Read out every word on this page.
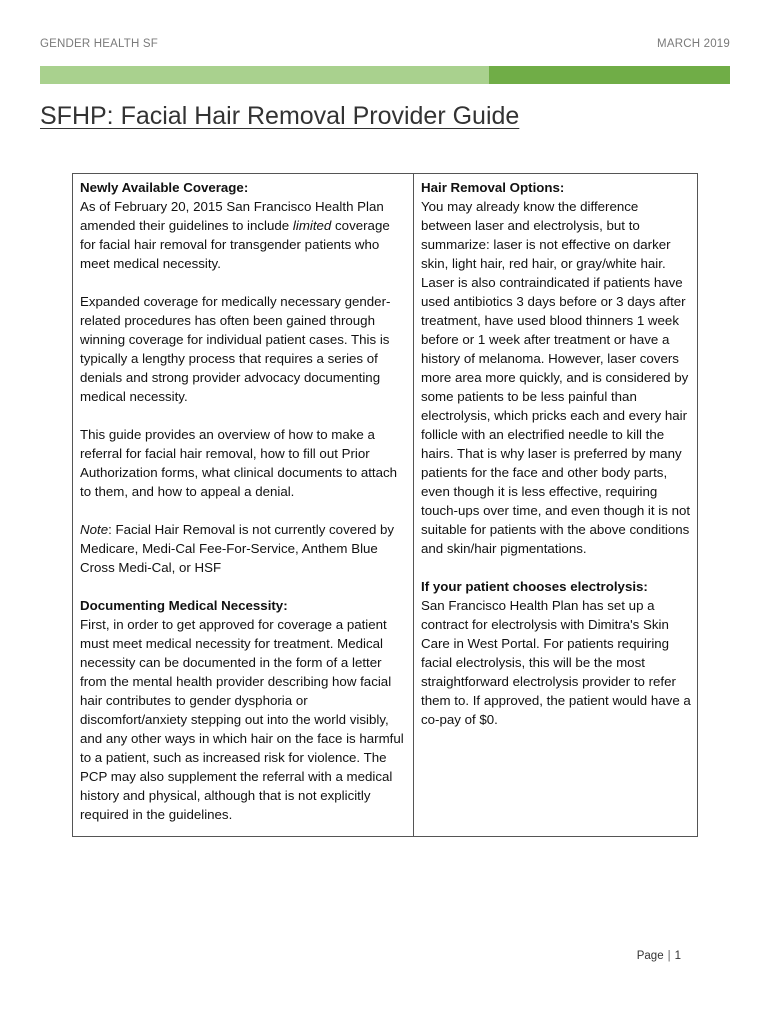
GENDER HEALTH SF	MARCH 2019
SFHP: Facial Hair Removal Provider Guide

Newly Available Coverage:
As of February 20, 2015 San Francisco Health Plan amended their guidelines to include limited coverage for facial hair removal for transgender patients who meet medical necessity.

Expanded coverage for medically necessary gender-related procedures has often been gained through winning coverage for individual patient cases. This is typically a lengthy process that requires a series of denials and strong provider advocacy documenting medical necessity.

This guide provides an overview of how to make a referral for facial hair removal, how to fill out Prior Authorization forms, what clinical documents to attach to them, and how to appeal a denial.

Note: Facial Hair Removal is not currently covered by Medicare, Medi-Cal Fee-For-Service, Anthem Blue Cross Medi-Cal, or HSF

Documenting Medical Necessity:
First, in order to get approved for coverage a patient must meet medical necessity for treatment. Medical necessity can be documented in the form of a letter from the mental health provider describing how facial hair contributes to gender dysphoria or discomfort/anxiety stepping out into the world visibly, and any other ways in which hair on the face is harmful to a patient, such as increased risk for violence. The PCP may also supplement the referral with a medical history and physical, although that is not explicitly required in the guidelines.

Hair Removal Options:
You may already know the difference between laser and electrolysis, but to summarize: laser is not effective on darker skin, light hair, red hair, or gray/white hair. Laser is also contraindicated if patients have used antibiotics 3 days before or 3 days after treatment, have used blood thinners 1 week before or 1 week after treatment or have a history of melanoma. However, laser covers more area more quickly, and is considered by some patients to be less painful than electrolysis, which pricks each and every hair follicle with an electrified needle to kill the hairs. That is why laser is preferred by many patients for the face and other body parts, even though it is less effective, requiring touch-ups over time, and even though it is not suitable for patients with the above conditions and skin/hair pigmentations.

If your patient chooses electrolysis:
San Francisco Health Plan has set up a contract for electrolysis with Dimitra's Skin Care in West Portal. For patients requiring facial electrolysis, this will be the most straightforward electrolysis provider to refer them to. If approved, the patient would have a co-pay of $0.

Page | 1
